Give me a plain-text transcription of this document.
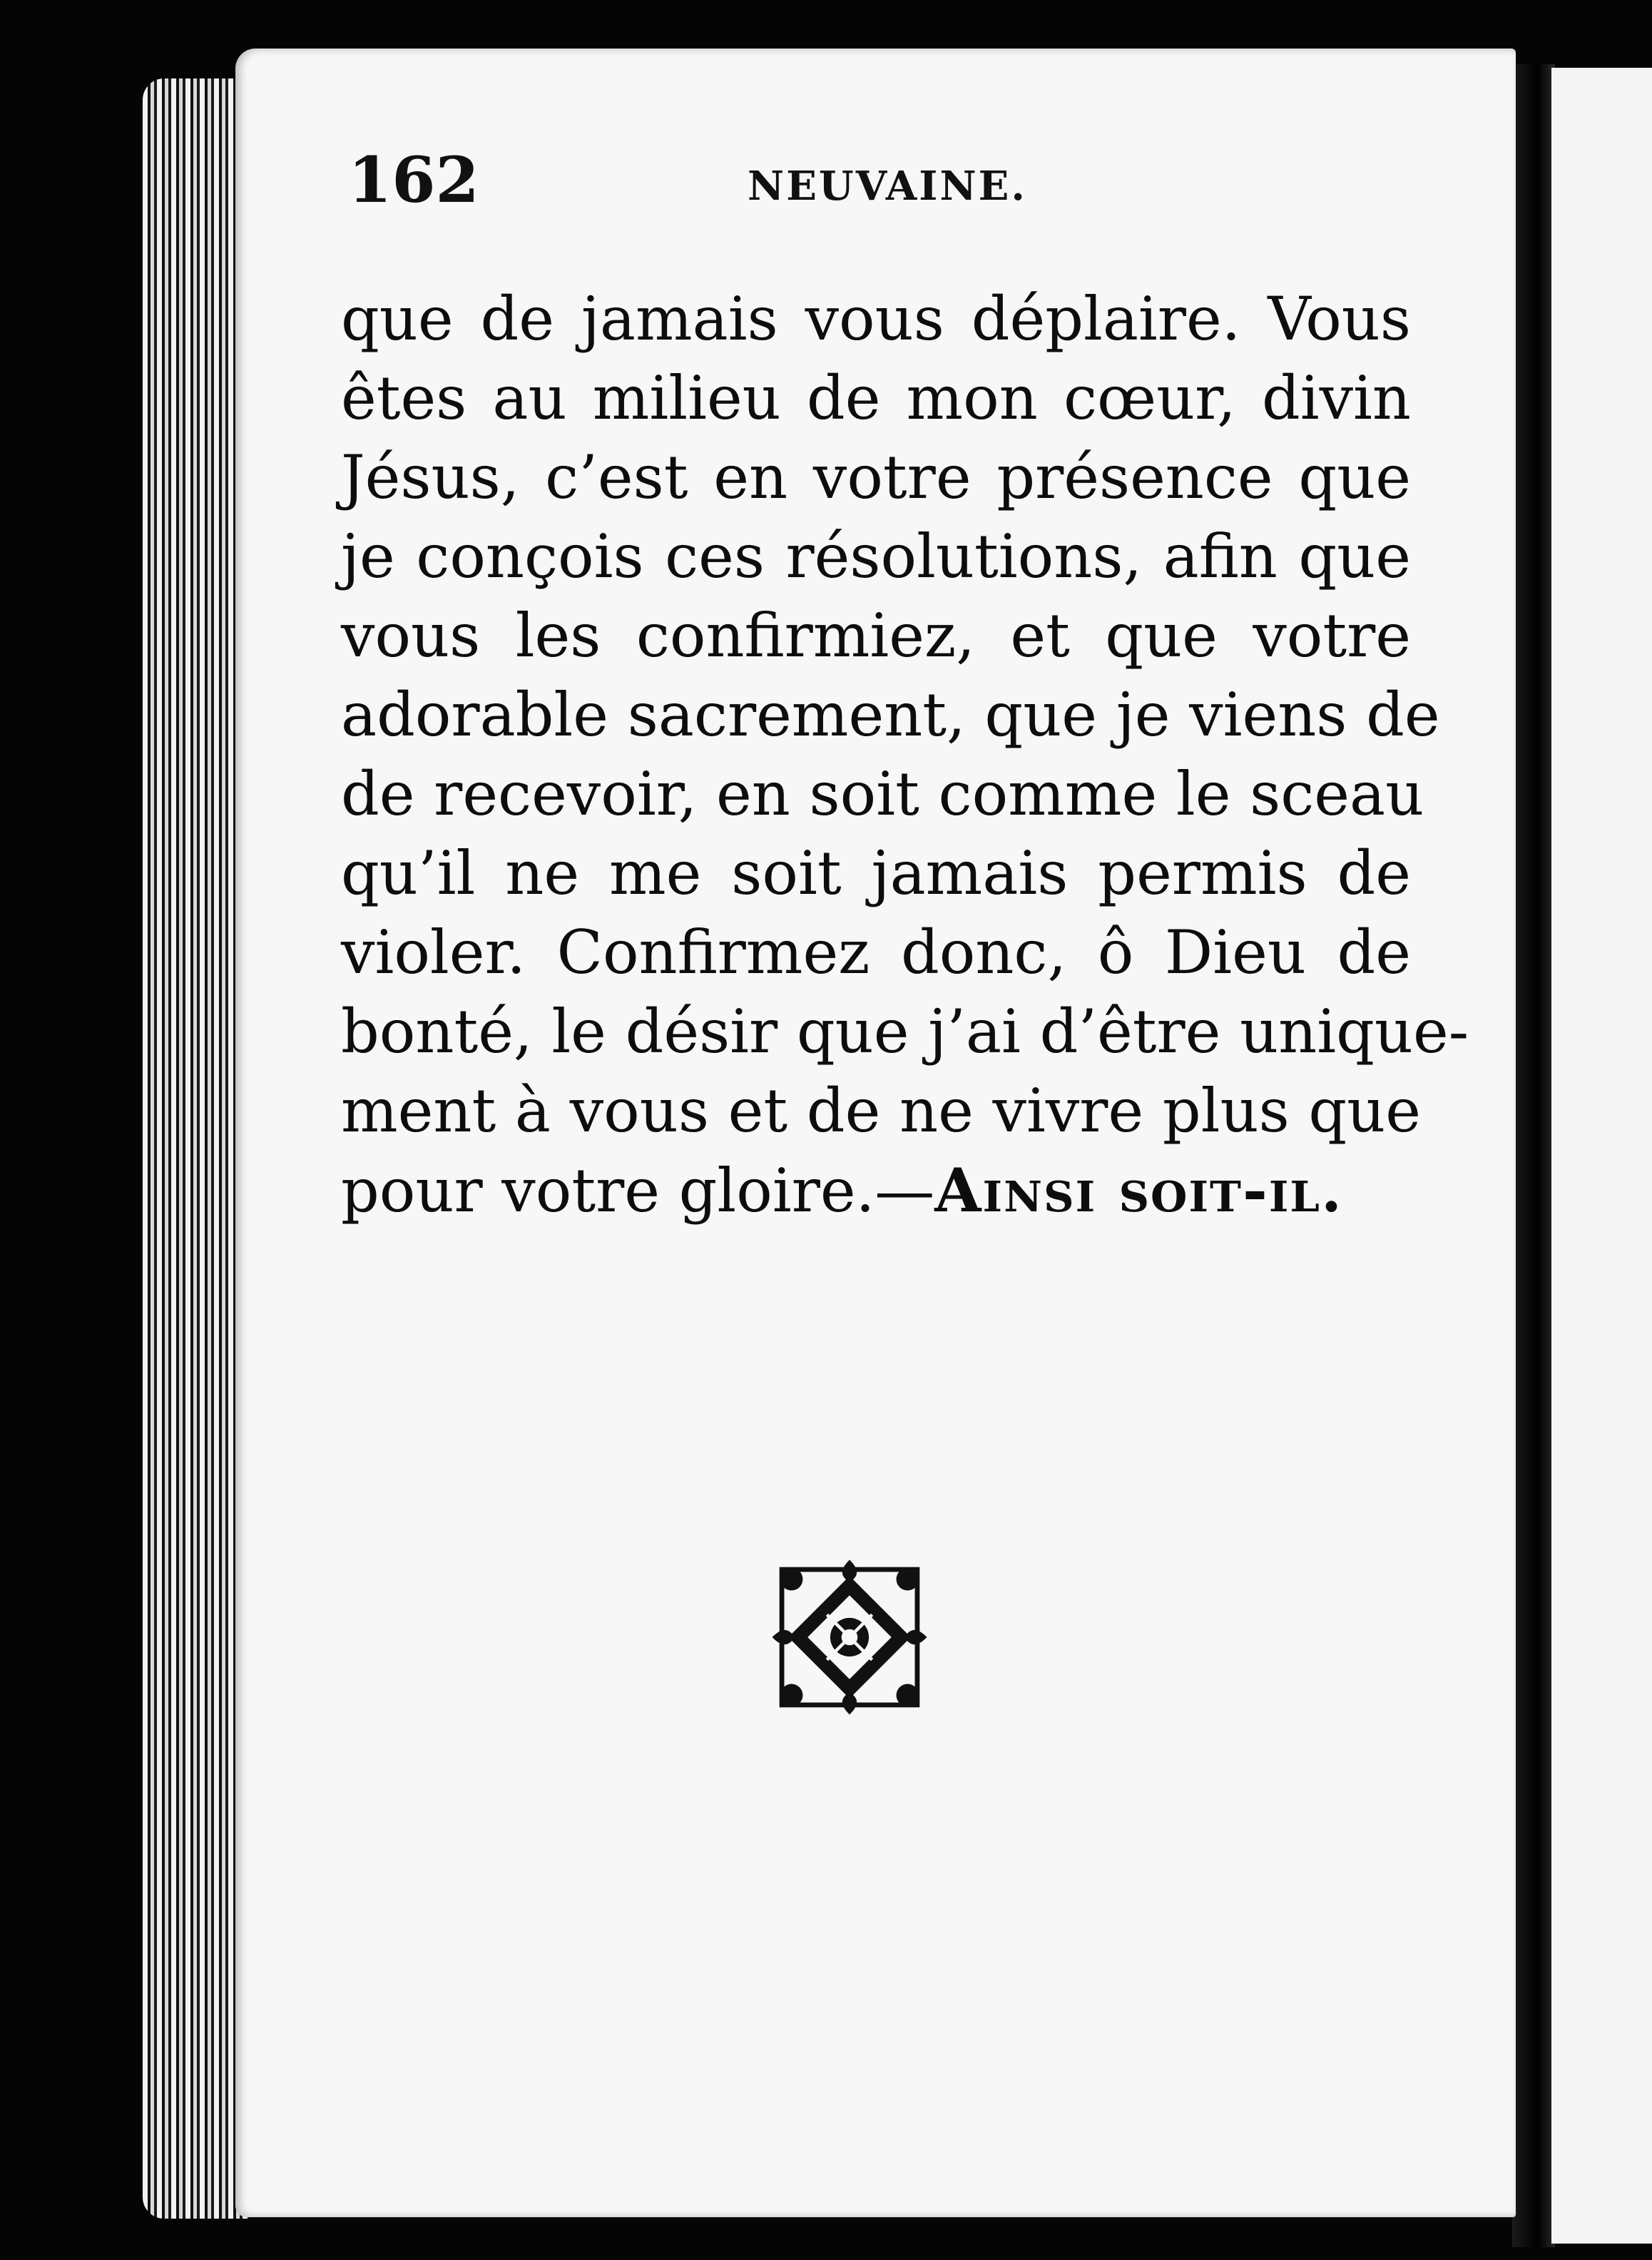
162	NEUVAINE.

que de jamais vous déplaire. Vous
êtes au milieu de mon cœur, divin
Jésus, c’est en votre présence que
je conçois ces résolutions, afin que
vous les confirmiez, et que votre
adorable sacrement, que je viens de
de recevoir, en soit comme le sceau
qu’il ne me soit jamais permis de
violer. Confirmez donc, ô Dieu de
bonté, le désir que j’ai d’être unique-
ment à vous et de ne vivre plus que
pour votre gloire.—Ainsi soit-il.
